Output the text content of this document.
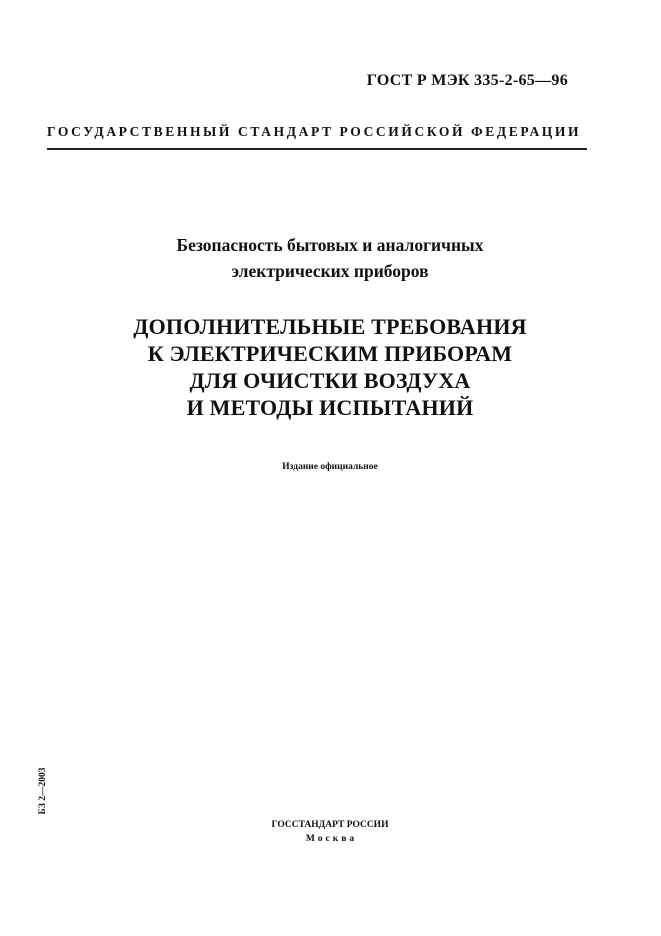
ГОСТ Р МЭК 335-2-65—96
ГОСУДАРСТВЕННЫЙ СТАНДАРТ РОССИЙСКОЙ ФЕДЕРАЦИИ
Безопасность бытовых и аналогичных
электрических приборов
ДОПОЛНИТЕЛЬНЫЕ ТРЕБОВАНИЯ
К ЭЛЕКТРИЧЕСКИМ ПРИБОРАМ
ДЛЯ ОЧИСТКИ ВОЗДУХА
И МЕТОДЫ ИСПЫТАНИЙ
Издание официальное
БЗ 2—2003
ГОССТАНДАРТ РОССИИ
Москва
